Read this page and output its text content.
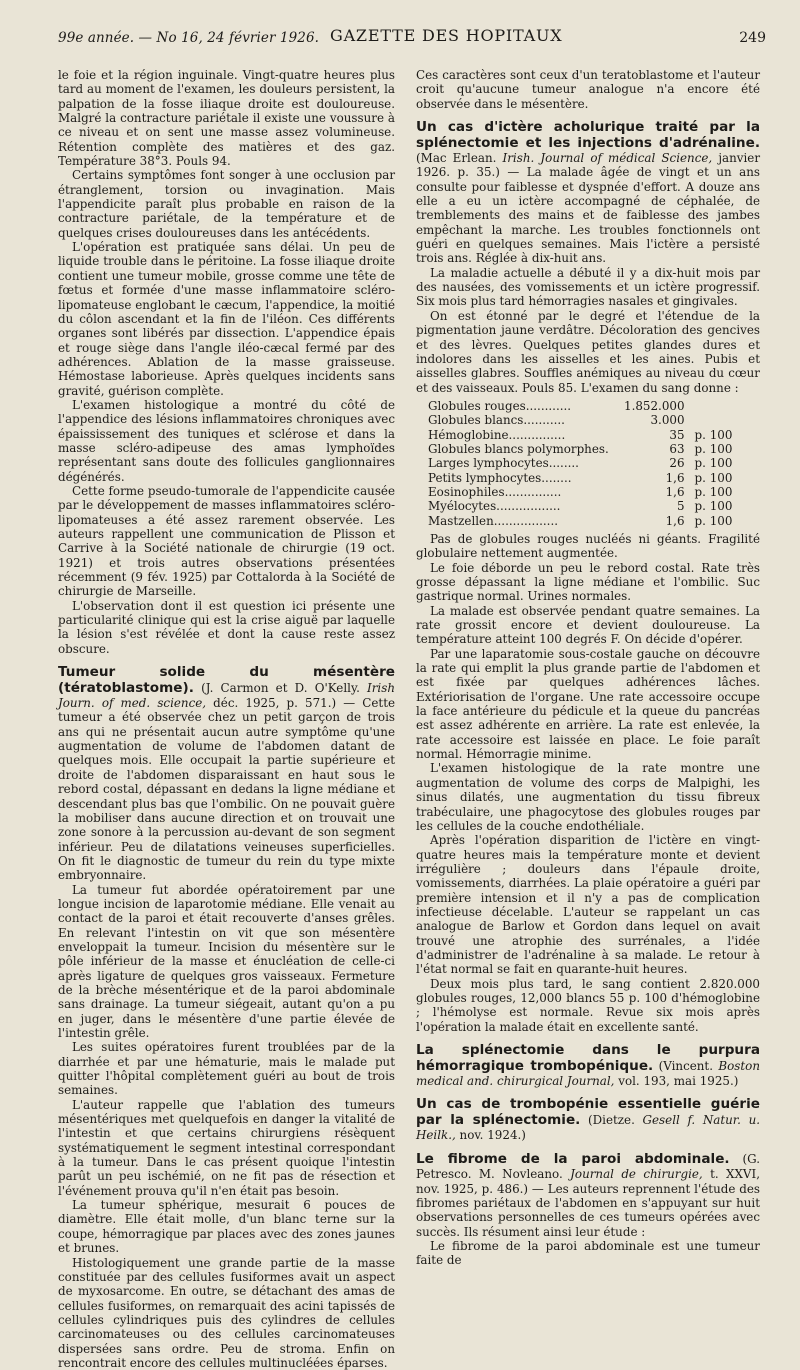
99e année. — No 16, 24 février 1926. GAZETTE DES HOPITAUX	249

le foie et la région inguinale. Vingt-quatre heures plus tard au moment de l'examen, les douleurs persistent, la palpation de la fosse iliaque droite est douloureuse. Malgré la contracture pariétale il existe une voussure à ce niveau et on sent une masse assez volumineuse. Rétention complète des matières et des gaz. Température 38°3. Pouls 94.

Certains symptômes font songer à une occlusion par étranglement, torsion ou invagination. Mais l'appendicite paraît plus probable en raison de la contracture pariétale, de la température et de quelques crises douloureuses dans les antécédents.

L'opération est pratiquée sans délai. Un peu de liquide trouble dans le péritoine. La fosse iliaque droite contient une tumeur mobile, grosse comme une tête de fœtus et formée d'une masse inflammatoire scléro-lipomateuse englobant le cæcum, l'appendice, la moitié du côlon ascendant et la fin de l'iléon. Ces différents organes sont libérés par dissection. L'appendice épais et rouge siège dans l'angle iléo-cæcal fermé par des adhérences. Ablation de la masse graisseuse. Hémostase laborieuse. Après quelques incidents sans gravité, guérison complète.

L'examen histologique a montré du côté de l'appendice des lésions inflammatoires chroniques avec épaississement des tuniques et sclérose et dans la masse scléro-adipeuse des amas lymphoïdes représentant sans doute des follicules ganglionnaires dégénérés.

Cette forme pseudo-tumorale de l'appendicite causée par le développement de masses inflammatoires scléro-lipomateuses a été assez rarement observée. Les auteurs rappellent une communication de Plisson et Carrive à la Société nationale de chirurgie (19 oct. 1921) et trois autres observations présentées récemment (9 fév. 1925) par Cottalorda à la Société de chirurgie de Marseille.

L'observation dont il est question ici présente une particularité clinique qui est la crise aiguë par laquelle la lésion s'est révélée et dont la cause reste assez obscure.

Tumeur solide du mésentère (tératoblastome). (J. Carmon et D. O'Kelly. Irish Journ. of med. science, déc. 1925, p. 571.) — Cette tumeur a été observée chez un petit garçon de trois ans qui ne présentait aucun autre symptôme qu'une augmentation de volume de l'abdomen datant de quelques mois. Elle occupait la partie supérieure et droite de l'abdomen disparaissant en haut sous le rebord costal, dépassant en dedans la ligne médiane et descendant plus bas que l'ombilic. On ne pouvait guère la mobiliser dans aucune direction et on trouvait une zone sonore à la percussion au-devant de son segment inférieur. Peu de dilatations veineuses superficielles. On fit le diagnostic de tumeur du rein du type mixte embryonnaire.

La tumeur fut abordée opératoirement par une longue incision de laparotomie médiane. Elle venait au contact de la paroi et était recouverte d'anses grêles. En relevant l'intestin on vit que son mésentère enveloppait la tumeur. Incision du mésentère sur le pôle inférieur de la masse et énucléation de celle-ci après ligature de quelques gros vaisseaux. Fermeture de la brèche mésentérique et de la paroi abdominale sans drainage. La tumeur siégeait, autant qu'on a pu en juger, dans le mésentère d'une partie élevée de l'intestin grêle.

Les suites opératoires furent troublées par de la diarrhée et par une hématurie, mais le malade put quitter l'hôpital complètement guéri au bout de trois semaines.

L'auteur rappelle que l'ablation des tumeurs mésentériques met quelquefois en danger la vitalité de l'intestin et que certains chirurgiens résèquent systématiquement le segment intestinal correspondant à la tumeur. Dans le cas présent quoique l'intestin parût un peu ischémié, on ne fit pas de résection et l'événement prouva qu'il n'en était pas besoin.

La tumeur sphérique, mesurait 6 pouces de diamètre. Elle était molle, d'un blanc terne sur la coupe, hémorragique par places avec des zones jaunes et brunes.

Histologiquement une grande partie de la masse constituée par des cellules fusiformes avait un aspect de myxosarcome. En outre, se détachant des amas de cellules fusiformes, on remarquait des acini tapissés de cellules cylindriques puis des cylindres de cellules carcinomateuses ou des cellules carcinomateuses dispersées sans ordre. Peu de stroma. Enfin on rencontrait encore des cellules multinucléées éparses.

Ces caractères sont ceux d'un teratoblastome et l'auteur croit qu'aucune tumeur analogue n'a encore été observée dans le mésentère.

Un cas d'ictère acholurique traité par la splénectomie et les injections d'adrénaline. (Mac Erlean. Irish. Journal of médical Science, janvier 1926. p. 35.) — La malade âgée de vingt et un ans consulte pour faiblesse et dyspnée d'effort. A douze ans elle a eu un ictère accompagné de céphalée, de tremblements des mains et de faiblesse des jambes empêchant la marche. Les troubles fonctionnels ont guéri en quelques semaines. Mais l'ictère a persisté trois ans. Réglée à dix-huit ans.

La maladie actuelle a débuté il y a dix-huit mois par des nausées, des vomissements et un ictère progressif. Six mois plus tard hémorragies nasales et gingivales.

On est étonné par le degré et l'étendue de la pigmentation jaune verdâtre. Décoloration des gencives et des lèvres. Quelques petites glandes dures et indolores dans les aisselles et les aines. Pubis et aisselles glabres. Souffles anémiques au niveau du cœur et des vaisseaux. Pouls 85. L'examen du sang donne :

Globules rouges............	1.852.000	
Globules blancs...........	3.000	
Hémoglobine...............	35	p. 100
Globules blancs polymorphes.	63	p. 100
Larges lymphocytes........	26	p. 100
Petits lymphocytes........	1,6	p. 100
Eosinophiles...............	1,6	p. 100
Myélocytes.................	5	p. 100
Mastzellen.................	1,6	p. 100

Pas de globules rouges nucléés ni géants. Fragilité globulaire nettement augmentée.

Le foie déborde un peu le rebord costal. Rate très grosse dépassant la ligne médiane et l'ombilic. Suc gastrique normal. Urines normales.

La malade est observée pendant quatre semaines. La rate grossit encore et devient douloureuse. La température atteint 100 degrés F. On décide d'opérer.

Par une laparatomie sous-costale gauche on découvre la rate qui emplit la plus grande partie de l'abdomen et est fixée par quelques adhérences lâches. Extériorisation de l'organe. Une rate accessoire occupe la face antérieure du pédicule et la queue du pancréas est assez adhérente en arrière. La rate est enlevée, la rate accessoire est laissée en place. Le foie paraît normal. Hémorragie minime.

L'examen histologique de la rate montre une augmentation de volume des corps de Malpighi, les sinus dilatés, une augmentation du tissu fibreux trabéculaire, une phagocytose des globules rouges par les cellules de la couche endothéliale.

Après l'opération disparition de l'ictère en vingt-quatre heures mais la température monte et devient irrégulière ; douleurs dans l'épaule droite, vomissements, diarrhées. La plaie opératoire a guéri par première intension et il n'y a pas de complication infectieuse décelable. L'auteur se rappelant un cas analogue de Barlow et Gordon dans lequel on avait trouvé une atrophie des surrénales, a l'idée d'administrer de l'adrénaline à sa malade. Le retour à l'état normal se fait en quarante-huit heures.

Deux mois plus tard, le sang contient 2.820.000 globules rouges, 12,000 blancs 55 p. 100 d'hémoglobine ; l'hémolyse est normale. Revue six mois après l'opération la malade était en excellente santé.

La splénectomie dans le purpura hémorragique trombopénique. (Vincent. Boston medical and. chirurgical Journal, vol. 193, mai 1925.)

Un cas de trombopénie essentielle guérie par la splénectomie. (Dietze. Gesell f. Natur. u. Heilk., nov. 1924.)

Le fibrome de la paroi abdominale. (G. Petresco. M. Novleano. Journal de chirurgie, t. XXVI, nov. 1925, p. 486.) — Les auteurs reprennent l'étude des fibromes pariétaux de l'abdomen en s'appuyant sur huit observations personnelles de ces tumeurs opérées avec succès. Ils résument ainsi leur étude :

Le fibrome de la paroi abdominale est une tumeur faite de
